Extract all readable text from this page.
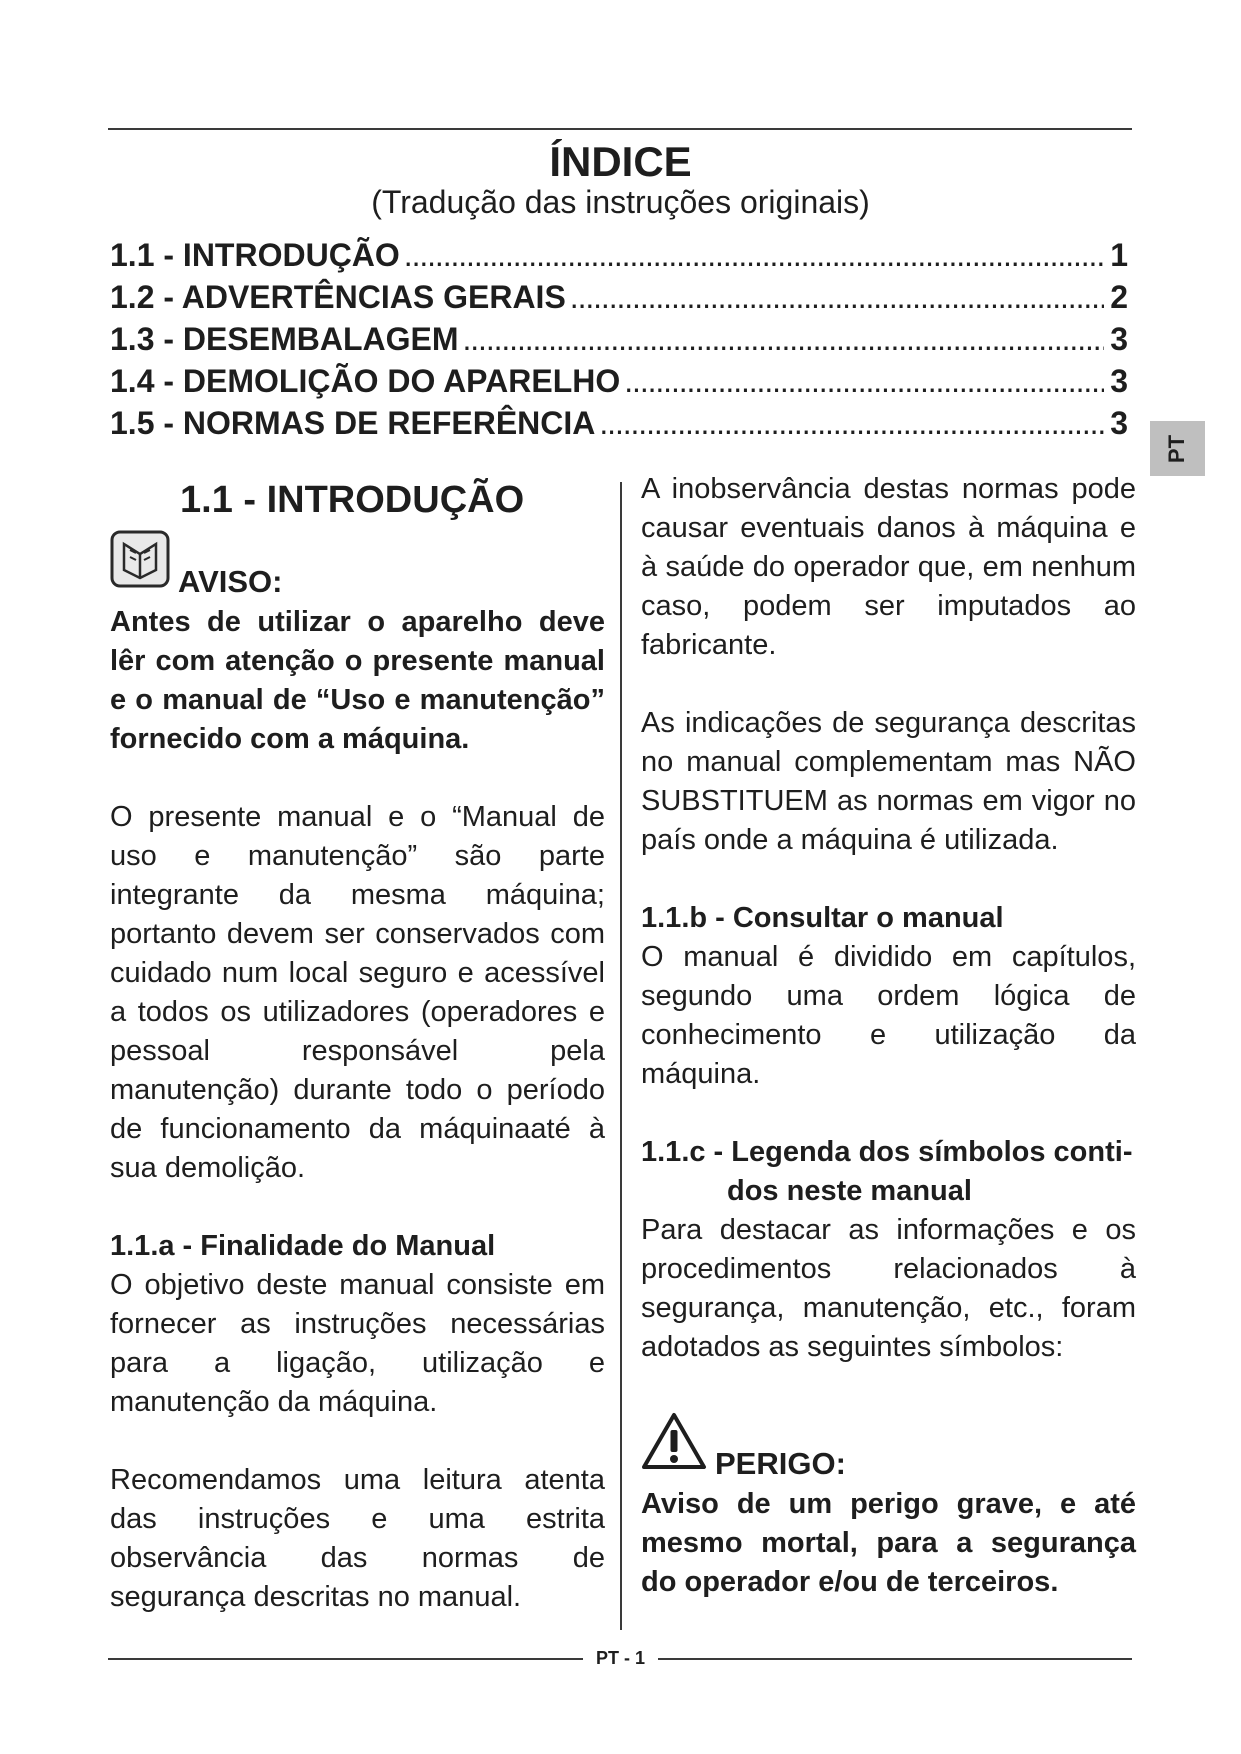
ÍNDICE
(Tradução das instruções originais)
1.1 - INTRODUÇÃO . . .	1
1.2 - ADVERTÊNCIAS GERAIS . . .	2
1.3 - DESEMBALAGEM . . .	3
1.4 - DEMOLIÇÃO DO APARELHO . . .	3
1.5 - NORMAS DE REFERÊNCIA . . .	3
PT
1.1 - INTRODUÇÃO
AVISO:

Antes de utilizar o aparelho deve lêr com atenção o presente manual e o manual de “Uso e manutenção” fornecido com a máquina.

O presente manual e o “Manual de uso e manutenção” são parte integrante da mesma máquina; portanto devem ser conservados com cuidado num local seguro e acessível a todos os utilizadores (operadores e pessoal responsável pela manutenção) durante todo o período de funcionamento da máquinaaté à sua demolição.

1.1.a - Finalidade do Manual

O objetivo deste manual consiste em fornecer as instruções necessárias para a ligação, utilização e manutenção da máquina.

Recomendamos uma leitura atenta das instruções e uma estrita observância das normas de segurança descritas no manual.

A inobservância destas normas pode causar eventuais danos à máquina e à saúde do operador que, em nenhum caso, podem ser imputados ao fabricante.

As indicações de segurança descritas no manual complementam mas NÃO SUBSTITUEM as normas em vigor no país onde a máquina é utilizada.

1.1.b - Consultar o manual

O manual é dividido em capítulos, segundo uma ordem lógica de conhecimento e utilização da máquina.

1.1.c - Legenda dos símbolos conti-
dos neste manual

Para destacar as informações e os procedimentos relacionados à segurança, manutenção, etc., foram adotados as seguintes símbolos:

PERIGO:

Aviso de um perigo grave, e até mesmo mortal, para a segurança do operador e/ou de terceiros.

PT - 1
